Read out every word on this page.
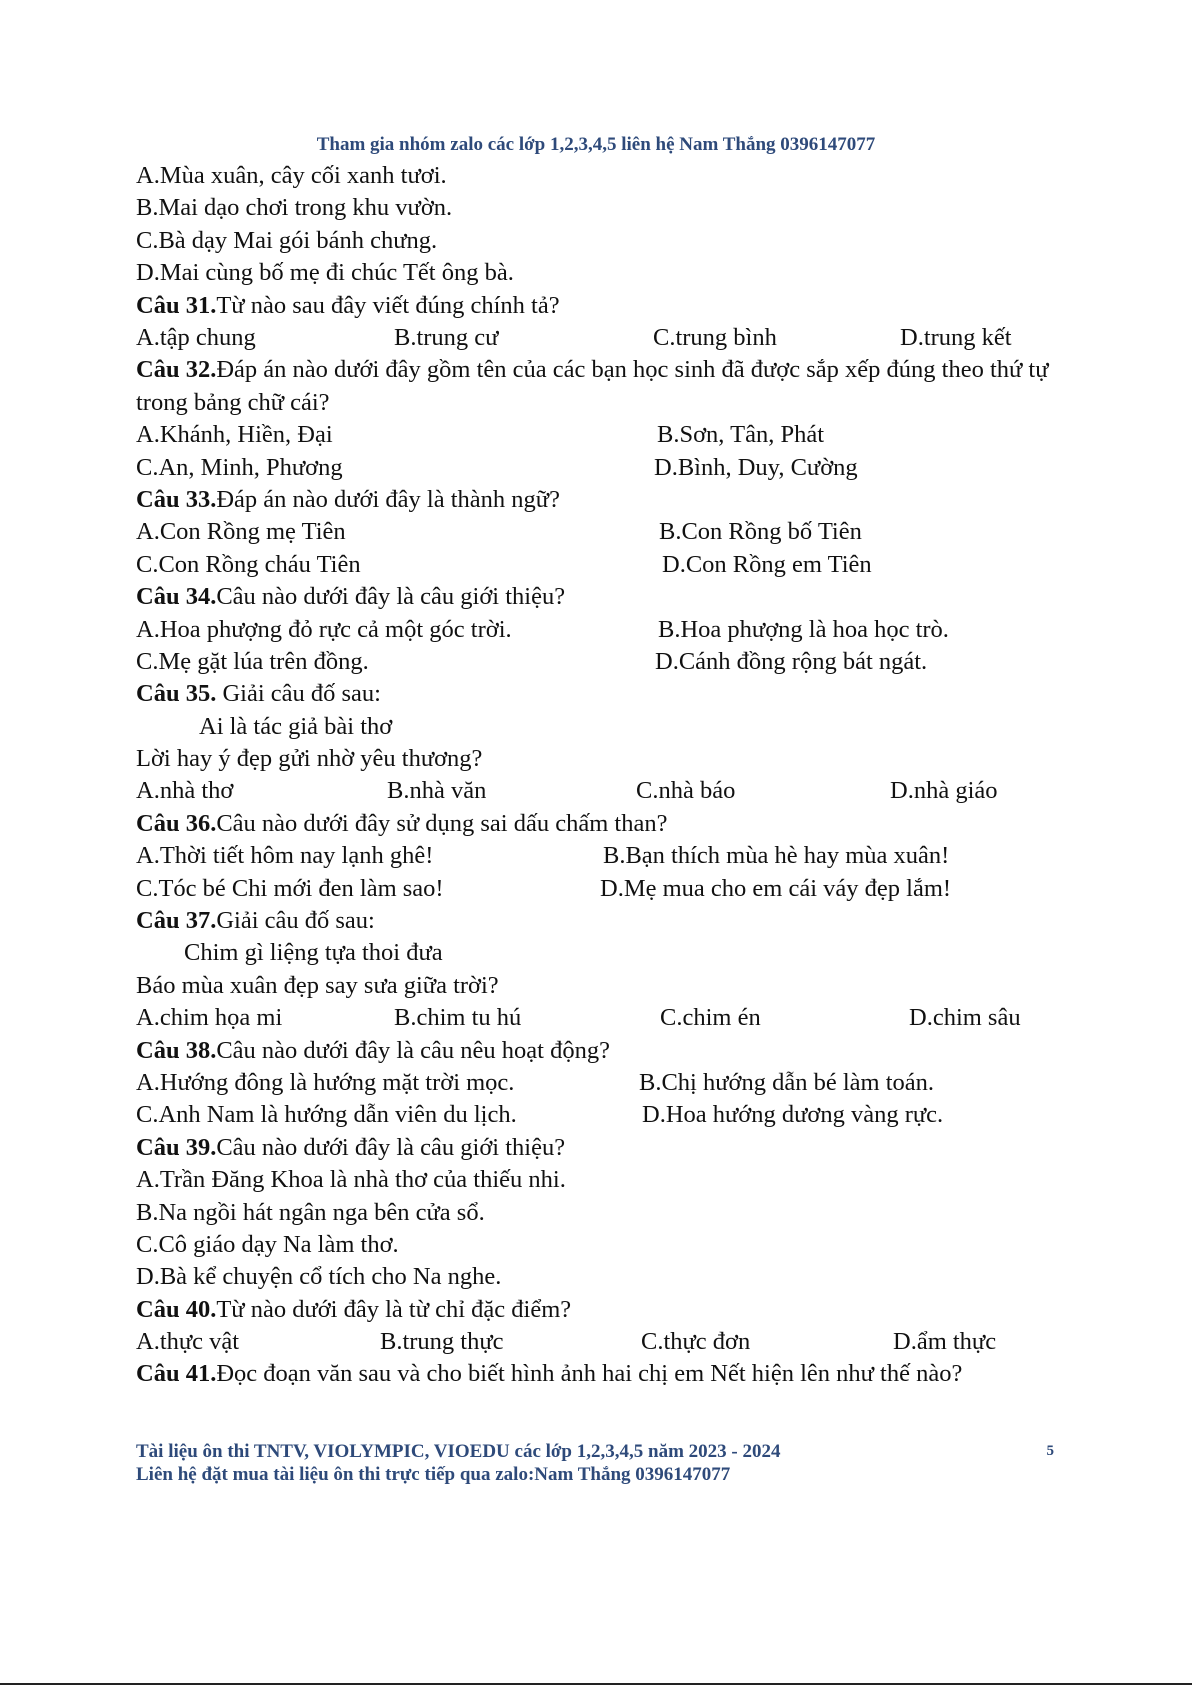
Tham gia nhóm zalo các lớp 1,2,3,4,5 liên hệ Nam Thắng 0396147077
A.Mùa xuân, cây cối xanh tươi.
B.Mai dạo chơi trong khu vườn.
C.Bà dạy Mai gói bánh chưng.
D.Mai cùng bố mẹ đi chúc Tết ông bà.
Câu 31.Từ nào sau đây viết đúng chính tả?
A.tập chung	B.trung cư	C.trung bình	D.trung kết
Câu 32.Đáp án nào dưới đây gồm tên của các bạn học sinh đã được sắp xếp đúng theo thứ tự trong bảng chữ cái?
A.Khánh, Hiền, Đại	B.Sơn, Tân, Phát
C.An, Minh, Phương	D.Bình, Duy, Cường
Câu 33.Đáp án nào dưới đây là thành ngữ?
A.Con Rồng mẹ Tiên	B.Con Rồng bố Tiên
C.Con Rồng cháu Tiên	D.Con Rồng em Tiên
Câu 34.Câu nào dưới đây là câu giới thiệu?
A.Hoa phượng đỏ rực cả một góc trời.	B.Hoa phượng là hoa học trò.
C.Mẹ gặt lúa trên đồng.	D.Cánh đồng rộng bát ngát.
Câu 35. Giải câu đố sau:
Ai là tác giả bài thơ
Lời hay ý đẹp gửi nhờ yêu thương?
A.nhà thơ	B.nhà văn	C.nhà báo	D.nhà giáo
Câu 36.Câu nào dưới đây sử dụng sai dấu chấm than?
A.Thời tiết hôm nay lạnh ghê!	B.Bạn thích mùa hè hay mùa xuân!
C.Tóc bé Chi mới đen làm sao!	D.Mẹ mua cho em cái váy đẹp lắm!
Câu 37.Giải câu đố sau:
Chim gì liệng tựa thoi đưa
Báo mùa xuân đẹp say sưa giữa trời?
A.chim họa mi	B.chim tu hú	C.chim én	D.chim sâu
Câu 38.Câu nào dưới đây là câu nêu hoạt động?
A.Hướng đông là hướng mặt trời mọc.	B.Chị hướng dẫn bé làm toán.
C.Anh Nam là hướng dẫn viên du lịch.	D.Hoa hướng dương vàng rực.
Câu 39.Câu nào dưới đây là câu giới thiệu?
A.Trần Đăng Khoa là nhà thơ của thiếu nhi.
B.Na ngồi hát ngân nga bên cửa sổ.
C.Cô giáo dạy Na làm thơ.
D.Bà kể chuyện cổ tích cho Na nghe.
Câu 40.Từ nào dưới đây là từ chỉ đặc điểm?
A.thực vật	B.trung thực	C.thực đơn	D.ẩm thực
Câu 41.Đọc đoạn văn sau và cho biết hình ảnh hai chị em Nết hiện lên như thế nào?
Tài liệu ôn thi TNTV, VIOLYMPIC, VIOEDU các lớp 1,2,3,4,5 năm 2023 - 2024
Liên hệ đặt mua tài liệu ôn thi trực tiếp qua zalo:Nam Thắng 0396147077
5
